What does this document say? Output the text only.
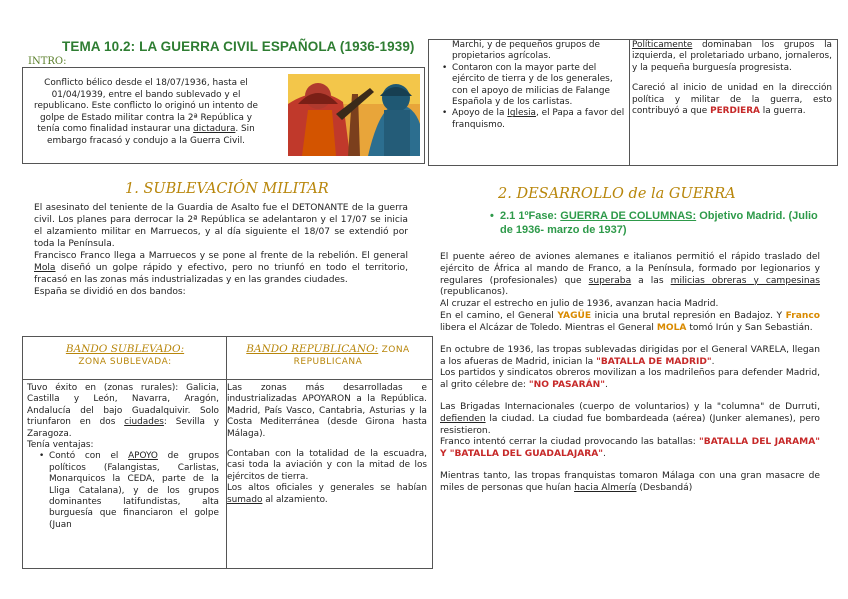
TEMA 10.2: LA GUERRA CIVIL ESPAÑOLA (1936-1939)
INTRO:
Conflicto bélico desde el 18/07/1936, hasta el 01/04/1939, entre el bando sublevado y el republicano. Este conflicto lo originó un intento de golpe de Estado militar contra la 2ª República y tenía como finalidad instaurar una dictadura. Sin embargo fracasó y condujo a la Guerra Civil.
Marchi, y de pequeños grupos de propietarios agrícolas.
• Contaron con la mayor parte del ejército de tierra y de los generales, con el apoyo de milicias de Falange Española y de los carlistas.
• Apoyo de la Iglesia, el Papa a favor del franquismo.
Políticamente dominaban los grupos la izquierda, el proletariado urbano, jornaleros, y la pequeña burguesía progresista.
Careció al inicio de unidad en la dirección política y militar de la guerra, esto contribuyó a que PERDIERA la guerra.
1. SUBLEVACIÓN MILITAR
El asesinato del teniente de la Guardia de Asalto fue el DETONANTE de la guerra civil. Los planes para derrocar la 2ª República se adelantaron y el 17/07 se inicia el alzamiento militar en Marruecos, y al día siguiente el 18/07 se extendió por toda la Península.
Francisco Franco llega a Marruecos y se pone al frente de la rebelión. El general Mola diseñó un golpe rápido y efectivo, pero no triunfó en todo el territorio, fracasó en las zonas más industrializadas y en las grandes ciudades.
España se dividió en dos bandos:
BANDO SUBLEVADO:
ZONA SUBLEVADA:
BANDO REPUBLICANO: ZONA
REPUBLICANA
Tuvo éxito en (zonas rurales): Galicia, Castilla y León, Navarra, Aragón, Andalucía del bajo Guadalquivir. Solo triunfaron en dos ciudades: Sevilla y Zaragoza.
Tenía ventajas:
• Contó con el APOYO de grupos políticos (Falangistas, Carlistas, Monarquicos la CEDA, parte de la Lliga Catalana), y de los grupos dominantes latifundistas, alta burguesía que financiaron el golpe (Juan
Las zonas más desarrolladas e industrializadas APOYARON a la República. Madrid, País Vasco, Cantabria, Asturias y la Costa Mediterránea (desde Girona hasta Málaga).
Contaban con la totalidad de la escuadra, casi toda la aviación y con la mitad de los ejércitos de tierra.
Los altos oficiales y generales se habían sumado al alzamiento.
2. DESARROLLO de la GUERRA
• 2.1 1ºFase: GUERRA DE COLUMNAS: Objetivo Madrid. (Julio de 1936- marzo de 1937)

El puente aéreo de aviones alemanes e italianos permitió el rápido traslado del ejército de África al mando de Franco, a la Península, formado por legionarios y regulares (profesionales) que superaba a las milicias obreras y campesinas (republicanos).

Al cruzar el estrecho en julio de 1936, avanzan hacia Madrid.

En el camino, el General YAGÜE inicia una brutal represión en Badajoz. Y Franco libera el Alcázar de Toledo. Mientras el General MOLA tomó Irún y San Sebastián.

En octubre de 1936, las tropas sublevadas dirigidas por el General VARELA, llegan a los afueras de Madrid, inician la "BATALLA DE MADRID".

Los partidos y sindicatos obreros movilizan a los madrileños para defender Madrid, al grito célebre de: "NO PASARÁN".

Las Brigadas Internacionales (cuerpo de voluntarios) y la "columna" de Durruti, defienden la ciudad. La ciudad fue bombardeada (aérea) (Junker alemanes), pero resistieron.

Franco intentó cerrar la ciudad provocando las batallas: "BATALLA DEL JARAMA" Y "BATALLA DEL GUADALAJARA".

Mientras tanto, las tropas franquistas tomaron Málaga con una gran masacre de miles de personas que huían hacia Almería (Desbandá)
